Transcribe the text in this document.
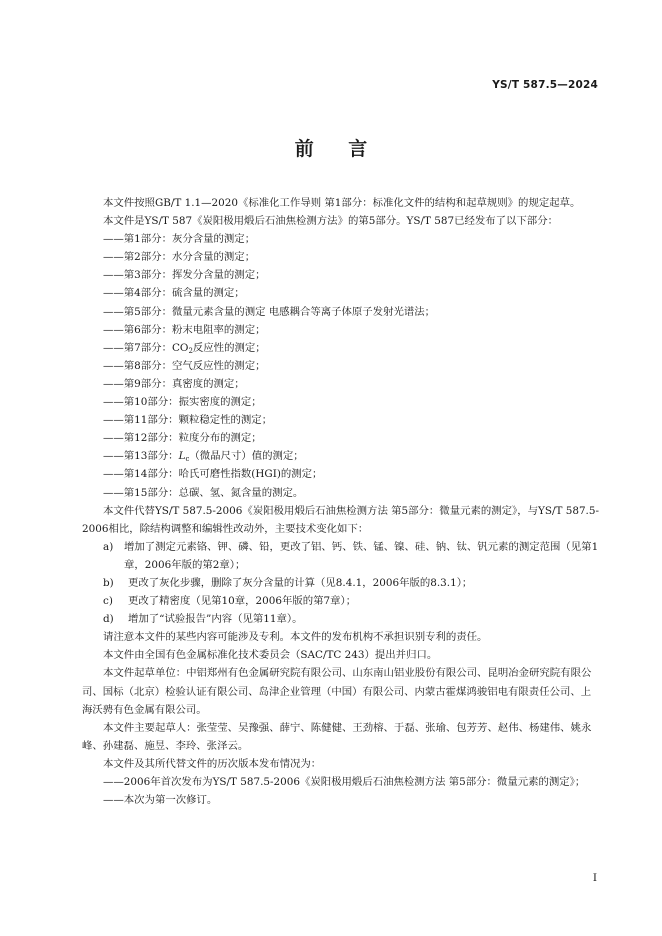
YS/T 587.5—2024
前 言

本文件按照GB/T 1.1—2020《标准化工作导则 第1部分：标准化文件的结构和起草规则》的规定起草。

本文件是YS/T 587《炭阳极用煅后石油焦检测方法》的第5部分。YS/T 587已经发布了以下部分：

——第1部分：灰分含量的测定；

——第2部分：水分含量的测定；

——第3部分：挥发分含量的测定；

——第4部分：硫含量的测定；

——第5部分：微量元素含量的测定 电感耦合等离子体原子发射光谱法；

——第6部分：粉末电阻率的测定；

——第7部分：$CO_2$反应性的测定；

——第8部分：空气反应性的测定；

——第9部分：真密度的测定；

——第10部分：振实密度的测定；

——第11部分：颗粒稳定性的测定；

——第12部分：粒度分布的测定；

——第13部分：$L_c$（微晶尺寸）值的测定；

——第14部分：哈氏可磨性指数(HGI)的测定；

——第15部分：总碳、氢、氮含量的测定。

本文件代替YS/T 587.5-2006《炭阳极用煅后石油焦检测方法 第5部分：微量元素的测定》，与YS/T 587.5-2006相比，除结构调整和编辑性改动外，主要技术变化如下：

a) 增加了测定元素铬、钾、磷、铅，更改了铝、钙、铁、锰、镍、硅、钠、钛、钒元素的测定范围（见第1章，2006年版的第2章）；

b) 更改了灰化步骤，删除了灰分含量的计算（见8.4.1，2006年版的8.3.1）；

c) 更改了精密度（见第10章，2006年版的第7章）；

d) 增加了“试验报告”内容（见第11章）。

请注意本文件的某些内容可能涉及专利。本文件的发布机构不承担识别专利的责任。

本文件由全国有色金属标准化技术委员会（SAC/TC 243）提出并归口。

本文件起草单位：中铝郑州有色金属研究院有限公司、山东南山铝业股份有限公司、昆明冶金研究院有限公司、国标（北京）检验认证有限公司、岛津企业管理（中国）有限公司、内蒙古霍煤鸿骏铝电有限责任公司、上海沃骋有色金属有限公司。

本文件主要起草人：张莹莹、吴豫强、薛宁、陈健健、王劲榕、于磊、张瑜、包芳芳、赵伟、杨建伟、姚永峰、孙建磊、施昱、李玲、张泽云。

本文件及其所代替文件的历次版本发布情况为：

——2006年首次发布为YS/T 587.5-2006《炭阳极用煅后石油焦检测方法 第5部分：微量元素的测定》；

——本次为第一次修订。

I
